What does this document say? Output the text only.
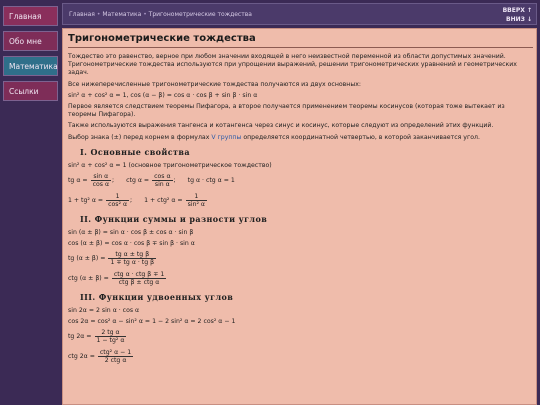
Главная
Обо мне
Математика
Ссылки
Главная • Математика • Тригонометрические тождества
ВВЕРХ ↑
ВНИЗ ↓
Тригонометрические тождества

Тождество это равенство, верное при любом значении входящей в него неизвестной переменной из области допустимых значений. Тригонометрические тождества используются при упрощении выражений, решении тригонометрических уравнений и геометрических задач.

Все нижеперечисленные тригонометрические тождества получаются из двух основных:

sin² α + cos² α = 1, cos (α − β) = cos α · cos β + sin β · sin α

Первое является следствием теоремы Пифагора, а второе получается применением теоремы косинусов (которая тоже вытекает из теоремы Пифагора).

Также используются выражения тангенса и котангенса через синус и косинус, которые следуют из определений этих функций.

Выбор знака (±) перед корнем в формулах V группы определяется координатной четвертью, в которой заканчивается угол.

I. Основные свойства
sin² α + cos² α = 1 (основное тригонометрическое тождество)
tg $\alpha = \frac{\text{sin α}}{\text{cos α}}$ ; ctg $\alpha = \frac{\text{cos α}}{\text{sin α}}$ ; tg α · ctg α = 1
1 + tg² $\alpha = \frac{1}{\text{cos² α}}$ ; 1 + ctg² $\alpha = \frac{1}{\text{sin² α}}$
II. Функции суммы и разности углов
sin (α ± β) = sin α · cos β ± cos α · sin β
cos (α ± β) = cos α · cos β ∓ sin β · sin α
tg $(\alpha \pm \beta) = \frac{\text{tg α ± tg β}}{\text{1 ∓ tg α · tg β}}$
ctg $(\alpha \pm \beta) = \frac{\text{ctg α · ctg β ∓ 1}}{\text{ctg β ± ctg α}}$
III. Функции удвоенных углов
sin 2α = 2 sin α · cos α
cos 2α = cos² α − sin² α = 1 − 2 sin² α = 2 cos² α − 1
tg $2\alpha = \frac{\text{2 tg α}}{\text{1 − tg² α}}$
ctg $2\alpha = \frac{\text{ctg² α − 1}}{\text{2 ctg α}}$
